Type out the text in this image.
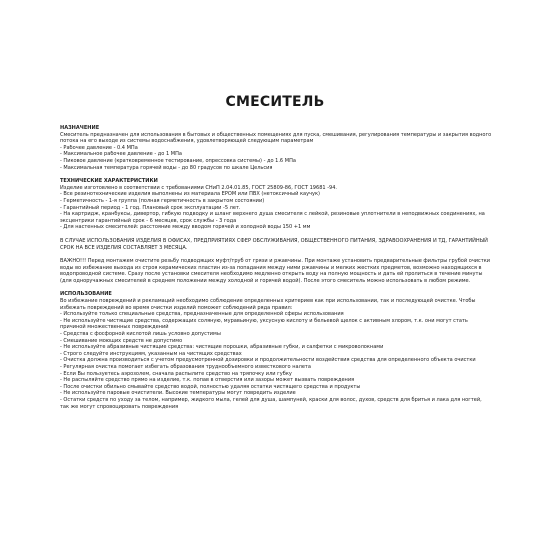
СМЕСИТЕЛЬ
НАЗНАЧЕНИЕ
Смеситель предназначен для использования в бытовых и общественных помещениях для пуска, смешивания, регулирования температуры и закрытия водного потока на его выходе из системы водоснабжения, удовлетворяющей следующим параметрам
- Рабочее давление - 0.4 МПа
- Максимальное рабочее давление - до 1 МПа
- Пиковое давление (кратковременное тестирование, опрессовка системы) - до 1.6 МПа
- Максимальная температура горячей воды - до 80 градусов по шкале Цельсия
ТЕХНИЧЕСКИЕ ХАРАКТЕРИСТИКИ
Изделие изготовлено в соответствии с требованиями СНиП 2.04.01.85, ГОСТ 25809-86, ГОСТ 19681 -94.
- Все резинотехнические изделия выполнены из материала EPOM или ПВХ (нетоксичный каучук)
- Герметичность - 1-я группа (полная герметичность в закрытом состоянии)
- Гарантийный период - 1 год. Плановый срок эксплуатации -5 лет.
- На картридж, кранбуксы, дивертор, гибкую подводку и шланг верхнего душа смесителя с лейкой, резиновые уплотнители в неподвижных соединениях, на эксцентрики гарантийный срок - 6 месяцев, срок службы - 3 года
- Для настенных смесителей: расстояние между вводом горячей и холодной воды 150 +1 мм
В СЛУЧАЕ ИСПОЛЬЗОВАНИЯ ИЗДЕЛИЯ В ОФИСАХ, ПРЕДПРИЯТИЯХ СФЕР ОБСЛУЖИВАНИЯ, ОБЩЕСТВЕННОГО ПИТАНИЯ, ЗДРАВООХРАНЕНИЯ И ТД, ГАРАНТИЙНЫЙ СРОК НА ВСЕ ИЗДЕЛИЯ СОСТАВЛЯЕТ 3 МЕСЯЦА.
ВАЖНО!!! Перед монтажем очистите резьбу подводящих муфт/труб от грязи и ржавчины. При монтаже установить предварительные фильтры грубой очистки воды во избежание выхода из строя керамических пластин из-за попадания между ними ржавчины и мелких жестких предметов, возможно находящихся в водопроводной системе. Сразу после установки смесителя необходимо медленно открыть воду на полную мощность и дать ей пролиться в течение минуты (для одноручажных смесителей в среднем положении между холодной и горячей водой). После этого смеситель можно использовать в любом режиме.
ИСПОЛЬЗОВАНИЕ
Во избежание повреждений и рекламаций необходимо соблюдение определенных критериев как при использовании, так и последующей очистке. Чтобы избежать повреждений во время очистки изделий поможет соблюдений ряда правил:
- Используйте только специальные средства, предназначенные для определенной сферы использования
- Не используйте чистящие средства, содержащих соляную, муравьиную, уксусную кислоту и бельевой щелок с активным хлором, т.к. они могут стать причиной множественных повреждений
- Средства с фосфорной кислотой лишь условно допустимы
- Смешивание моющих средств не допустимо
- Не используйте абразивные чистящие средства: чистящие порошки, абразивные губки, и салфетки с микроволокнами
- Строго следуйте инструкциям, указанным на чистящих средствах
- Очистка должна производиться с учетом предусмотренной дозировки и продолжительности воздействия средства для определенного объекта очистки
- Регулярная очистка помогает избегать образования труднообъемного известкового налета
- Если Вы пользуетесь аэрозолем, сначала распылите средство на тряпочку или губку
- Не распыляйте средство прямо на изделие, т.к. попав в отверстия или зазоры может вызвать повреждения
- После очистки обильно смывайте средство водой, полностью удаляя остатки чистящего средства и продукты
- Не используйте паровые очистители. Высокие температуры могут повредить изделие
- Остатки средств по уходу за телом, например, жидкого мыла, гелей для душа, шампуней, краски для волос, духов, средств для бритья и лака для ногтей, так же могут спровоцировать повреждения
